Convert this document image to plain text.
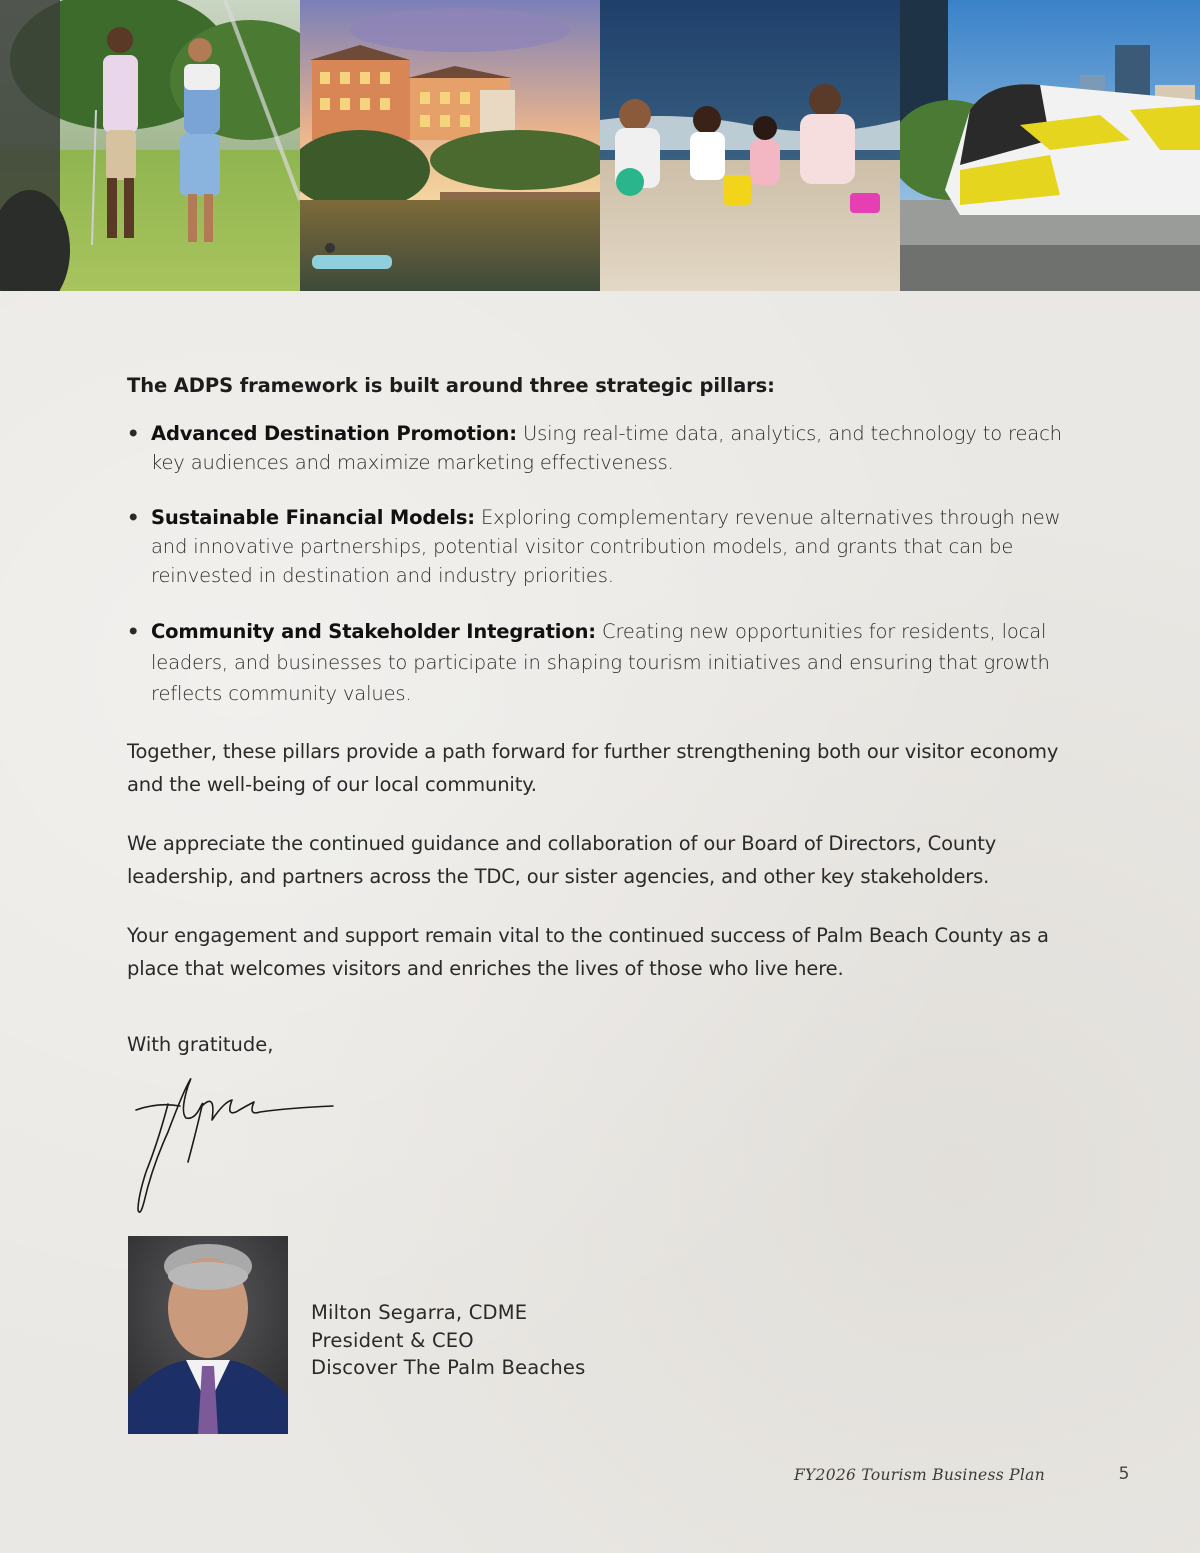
The ADPS framework is built around three strategic pillars:
• Advanced Destination Promotion: Using real-time data, analytics, and technology to reach key audiences and maximize marketing effectiveness.
• Sustainable Financial Models: Exploring complementary revenue alternatives through new and innovative partnerships, potential visitor contribution models, and grants that can be reinvested in destination and industry priorities.
• Community and Stakeholder Integration: Creating new opportunities for residents, local leaders, and businesses to participate in shaping tourism initiatives and ensuring that growth reflects community values.

Together, these pillars provide a path forward for further strengthening both our visitor economy and the well-being of our local community.

We appreciate the continued guidance and collaboration of our Board of Directors, County leadership, and partners across the TDC, our sister agencies, and other key stakeholders.

Your engagement and support remain vital to the continued success of Palm Beach County as a place that welcomes visitors and enriches the lives of those who live here.

With gratitude,
Milton Segarra, CDME
President & CEO
Discover The Palm Beaches
FY2026 Tourism Business Plan	5
